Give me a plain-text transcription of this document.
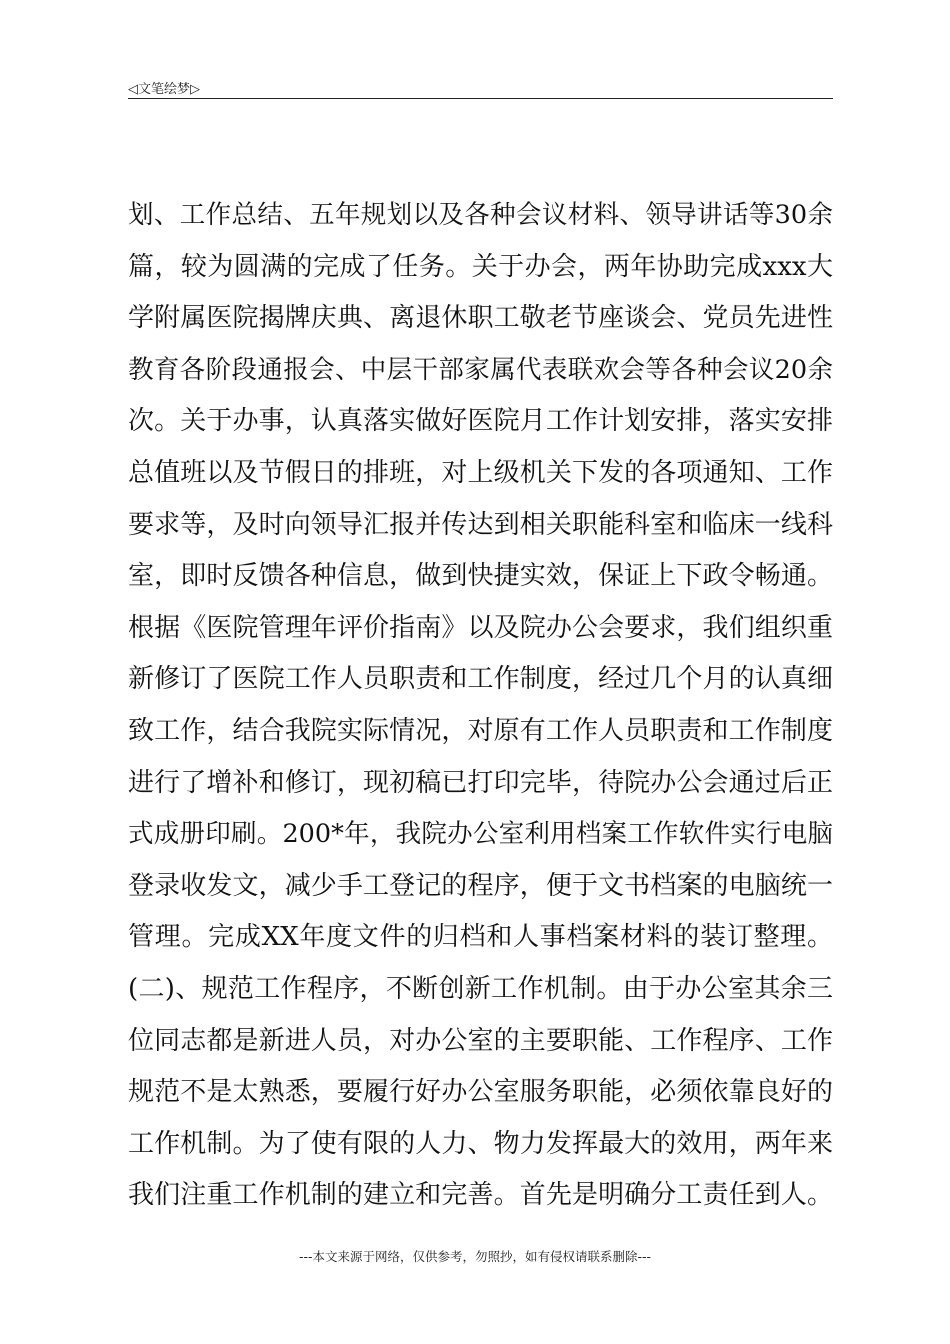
◁文笔绘梦▷
划、工作总结、五年规划以及各种会议材料、领导讲话等30余
篇，较为圆满的完成了任务。关于办会，两年协助完成xxx大
学附属医院揭牌庆典、离退休职工敬老节座谈会、党员先进性
教育各阶段通报会、中层干部家属代表联欢会等各种会议20余
次。关于办事，认真落实做好医院月工作计划安排，落实安排
总值班以及节假日的排班，对上级机关下发的各项通知、工作
要求等，及时向领导汇报并传达到相关职能科室和临床一线科
室，即时反馈各种信息，做到快捷实效，保证上下政令畅通。
根据《医院管理年评价指南》以及院办公会要求，我们组织重
新修订了医院工作人员职责和工作制度，经过几个月的认真细
致工作，结合我院实际情况，对原有工作人员职责和工作制度
进行了增补和修订，现初稿已打印完毕，待院办公会通过后正
式成册印刷。200*年，我院办公室利用档案工作软件实行电脑
登录收发文，减少手工登记的程序，便于文书档案的电脑统一
管理。完成XX年度文件的归档和人事档案材料的装订整理。
(二)、规范工作程序，不断创新工作机制。由于办公室其余三
位同志都是新进人员，对办公室的主要职能、工作程序、工作
规范不是太熟悉，要履行好办公室服务职能，必须依靠良好的
工作机制。为了使有限的人力、物力发挥最大的效用，两年来
我们注重工作机制的建立和完善。首先是明确分工责任到人。
---本文来源于网络，仅供参考，勿照抄，如有侵权请联系删除---
